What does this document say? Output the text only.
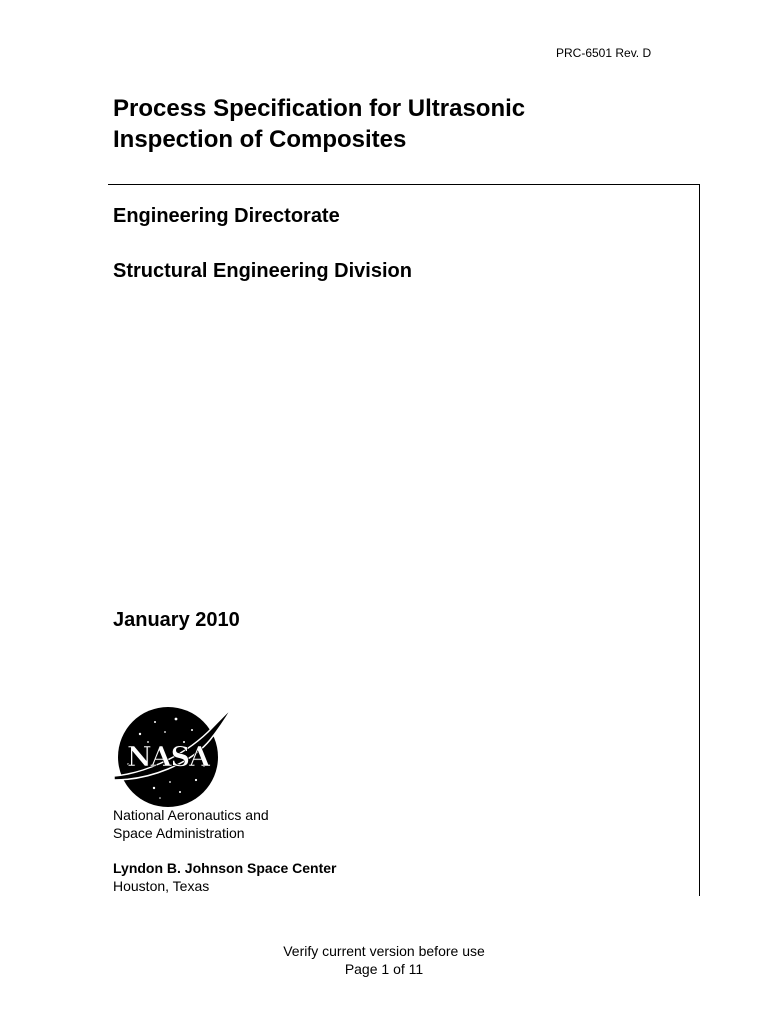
PRC-6501 Rev. D
Process Specification for Ultrasonic
Inspection of Composites
Engineering Directorate
Structural Engineering Division
January 2010
NASA
National Aeronautics and
Space Administration
Lyndon B. Johnson Space Center
Houston, Texas
Verify current version before use
Page 1 of 11
